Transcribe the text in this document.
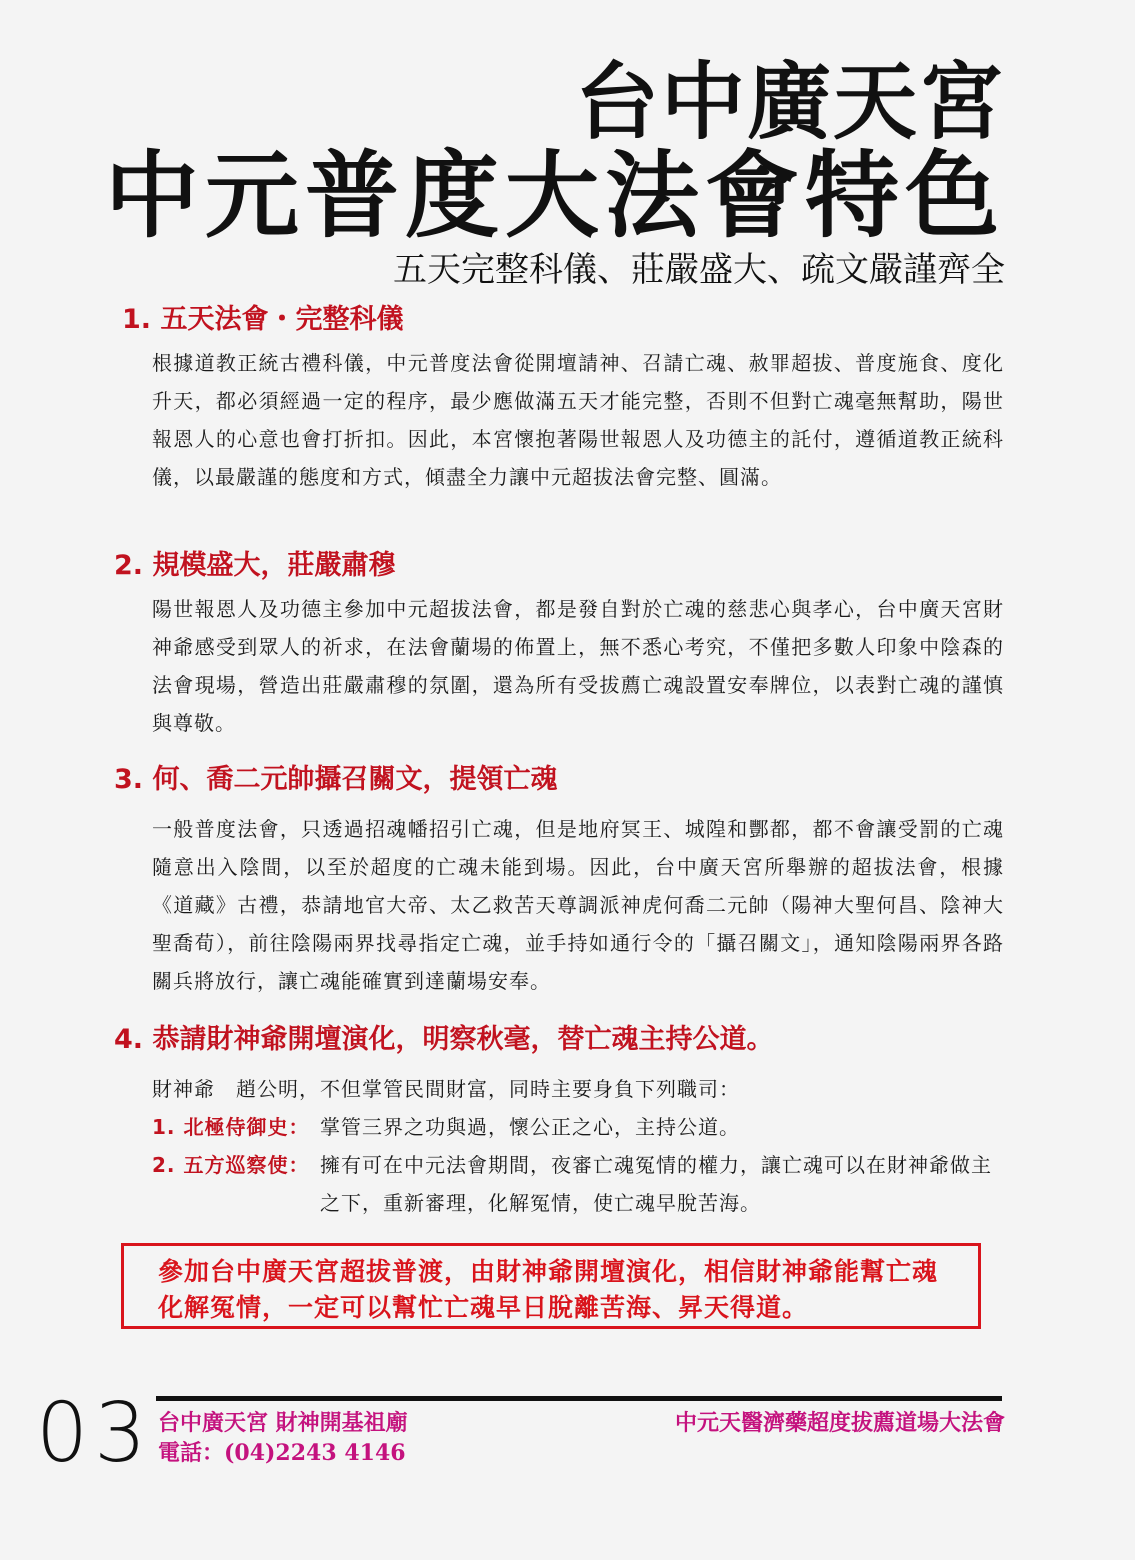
台中廣天宮
中元普度大法會特色
五天完整科儀、莊嚴盛大、疏文嚴謹齊全
1. 五天法會・完整科儀

根據道教正統古禮科儀，中元普度法會從開壇請神、召請亡魂、赦罪超拔、普度施食、度化升天，都必須經過一定的程序，最少應做滿五天才能完整，否則不但對亡魂毫無幫助，陽世報恩人的心意也會打折扣。因此，本宮懷抱著陽世報恩人及功德主的託付，遵循道教正統科儀，以最嚴謹的態度和方式，傾盡全力讓中元超拔法會完整、圓滿。

2. 規模盛大，莊嚴肅穆

陽世報恩人及功德主參加中元超拔法會，都是發自對於亡魂的慈悲心與孝心，台中廣天宮財神爺感受到眾人的祈求，在法會蘭場的佈置上，無不悉心考究，不僅把多數人印象中陰森的法會現場，營造出莊嚴肅穆的氛圍，還為所有受拔薦亡魂設置安奉牌位，以表對亡魂的謹慎與尊敬。

3. 何、喬二元帥攝召關文，提領亡魂

一般普度法會，只透過招魂幡招引亡魂，但是地府冥王、城隍和酆都，都不會讓受罰的亡魂隨意出入陰間，以至於超度的亡魂未能到場。因此，台中廣天宮所舉辦的超拔法會，根據《道藏》古禮，恭請地官大帝、太乙救苦天尊調派神虎何喬二元帥（陽神大聖何昌、陰神大聖喬荀），前往陰陽兩界找尋指定亡魂，並手持如通行令的「攝召關文」，通知陰陽兩界各路關兵將放行，讓亡魂能確實到達蘭場安奉。

4. 恭請財神爺開壇演化，明察秋毫，替亡魂主持公道。
財神爺　趙公明，不但掌管民間財富，同時主要身負下列職司：
1. 北極侍御史： 掌管三界之功與過，懷公正之心，主持公道。
2. 五方巡察使： 擁有可在中元法會期間，夜審亡魂冤情的權力，讓亡魂可以在財神爺做主之下，重新審理，化解冤情，使亡魂早脫苦海。
參加台中廣天宮超拔普渡，由財神爺開壇演化，相信財神爺能幫亡魂化解冤情，一定可以幫忙亡魂早日脫離苦海、昇天得道。
03 台中廣天宮 財神開基祖廟
電話：(04)2243 4146
中元天醫濟藥超度拔薦道場大法會
